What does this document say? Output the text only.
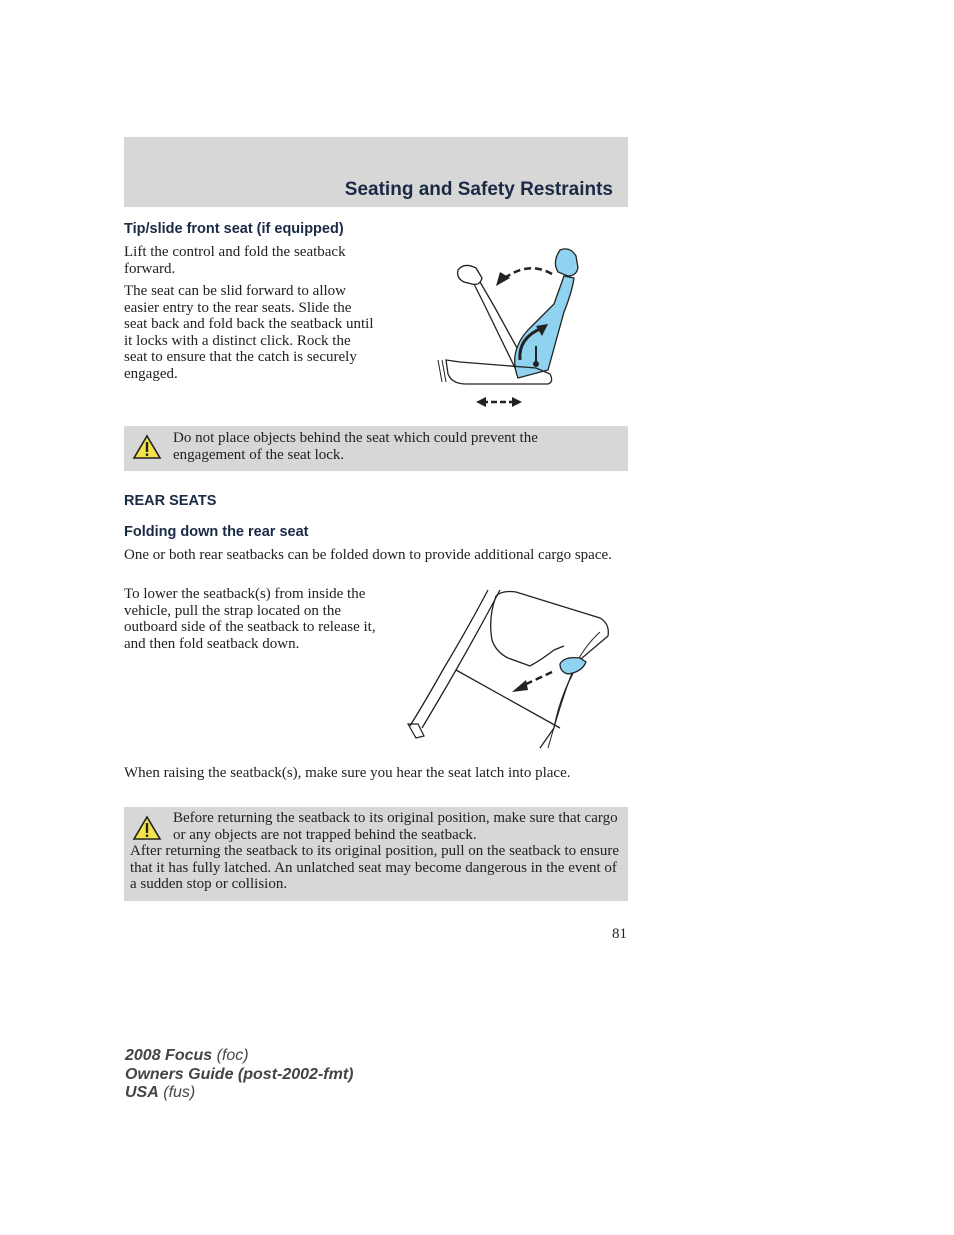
Seating and Safety Restraints
Tip/slide front seat (if equipped)

Lift the control and fold the seatback forward.

The seat can be slid forward to allow easier entry to the rear seats. Slide the seat back and fold back the seatback until it locks with a distinct click. Rock the seat to ensure that the catch is securely engaged.

Do not place objects behind the seat which could prevent the engagement of the seat lock.
REAR SEATS
Folding down the rear seat

One or both rear seatbacks can be folded down to provide additional cargo space.

To lower the seatback(s) from inside the vehicle, pull the strap located on the outboard side of the seatback to release it, and then fold seatback down.

When raising the seatback(s), make sure you hear the seat latch into place.

Before returning the seatback to its original position, make sure that cargo or any objects are not trapped behind the seatback.
After returning the seatback to its original position, pull on the seatback to ensure that it has fully latched. An unlatched seat may become dangerous in the event of a sudden stop or collision.
81
2008 Focus (foc)
Owners Guide (post-2002-fmt)
USA (fus)
